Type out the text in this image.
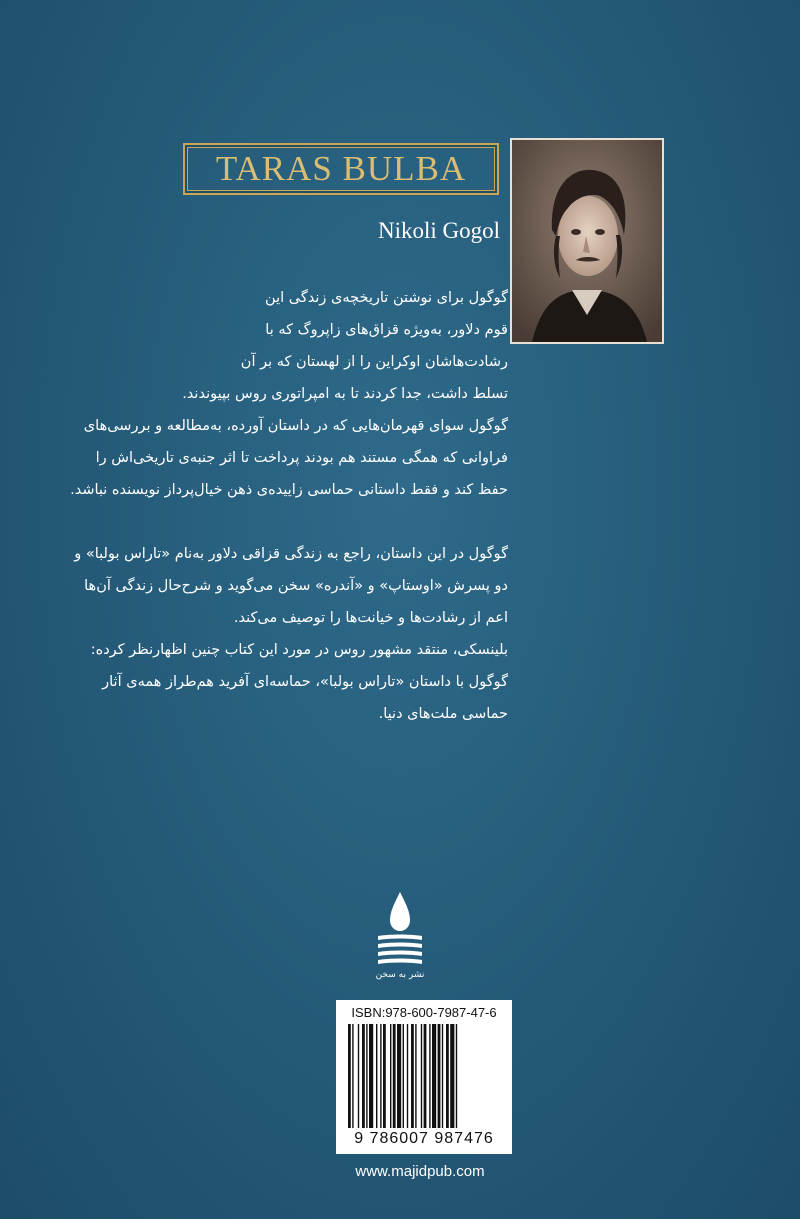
TARAS BULBA
Nikoli Gogol

گوگول برای نوشتن تاریخچه‌ی زندگی این

قوم دلاور، به‌ویژه قزاق‌های زاپروگ که با

رشادت‌هاشان اوکراین را از لهستان که بر آن

تسلط داشت، جدا کردند تا به امپراتوری روس بپیوندند.

گوگول سوای قهرمان‌هایی که در داستان آورده، به‌مطالعه و بررسی‌های فراوانی که همگی مستند هم بودند پرداخت تا اثر جنبه‌ی تاریخی‌اش را حفظ کند و فقط داستانی حماسی زاییده‌ی ذهن خیال‌پرداز نویسنده نباشد.

گوگول در این داستان، راجع به زندگی قزاقی دلاور به‌نام «تاراس بولبا» و دو پسرش «اوستاپ» و «آندره» سخن می‌گوید و شرح‌حال زندگی آن‌ها اعم از رشادت‌ها و خیانت‌ها را توصیف می‌کند.

بلینسکی، منتقد مشهور روس در مورد این کتاب چنین اظهارنظر کرده: گوگول با داستان «تاراس بولبا»، حماسه‌ای آفرید هم‌طراز همه‌ی آثار حماسی ملت‌های دنیا.

نشر به سخن
ISBN:978-600-7987-47-6
9 786007 987476
www.majidpub.com
